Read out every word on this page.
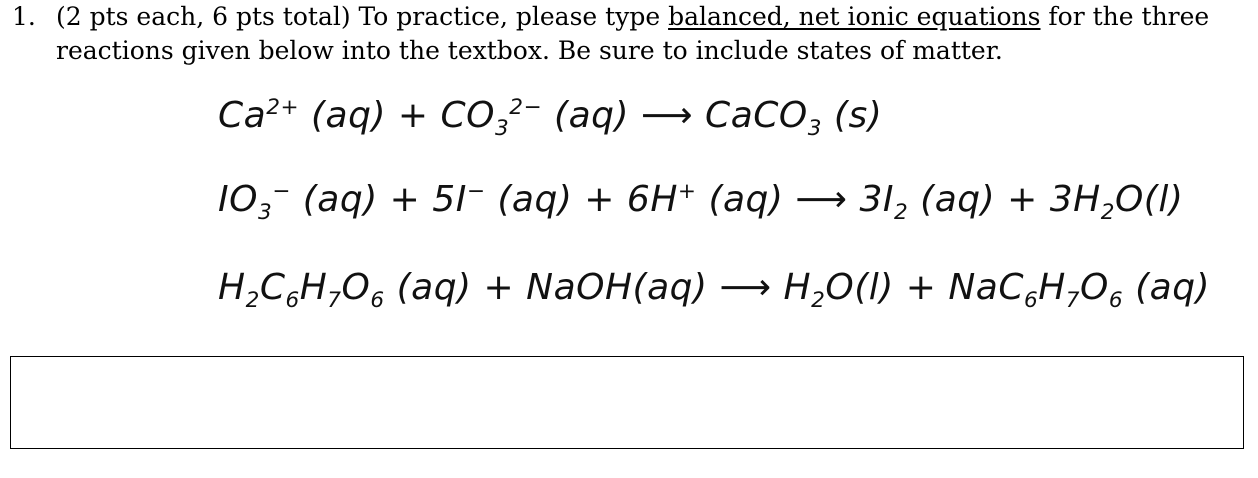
1. (2 pts each, 6 pts total) To practice, please type balanced, net ionic equations for the three reactions given below into the textbox. Be sure to include states of matter.
$Ca^{2+}$ $(aq) + CO_3^{2-}$ (aq) ⟶ CaCO$_3$ (s)
$IO_3^-$ (aq) + 5I− (aq) + 6H+ (aq) ⟶ $3I_2$ $(aq) + 3H_2O(l)$
$H_2C_6H_7O_6$ (aq) + NaOH(aq) ⟶ $H_2O(l) + NaC_6H_7O_6$ (aq)
